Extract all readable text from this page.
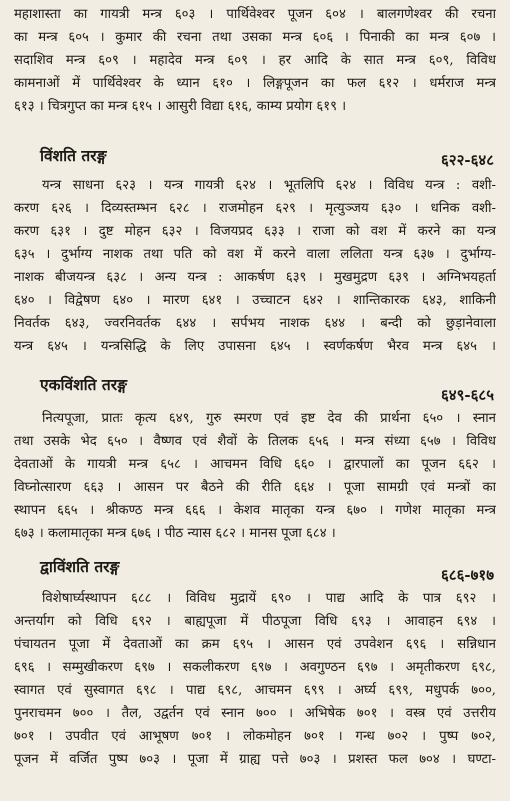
महाशास्ता का गायत्री मन्त्र ६०३ । पार्थिवेश्वर पूजन ६०४ । बालगणेश्वर की रचना
का मन्त्र ६०५ । कुमार की रचना तथा उसका मन्त्र ६०६ । पिनाकी का मन्त्र ६०७ ।
सदाशिव मन्त्र ६०९ । महादेव मन्त्र ६०९ । हर आदि के सात मन्त्र ६०९, विविध
कामनाओं में पार्थिवेश्वर के ध्यान ६१० । लिङ्गपूजन का फल ६१२ । धर्मराज मन्त्र
६१३ । चित्रगुप्त का मन्त्र ६१५ । आसुरी विद्या ६१६, काम्य प्रयोग ६१९ ।
विंशति तरङ्ग	६२२-६४८
यन्त्र साधना ६२३ । यन्त्र गायत्री ६२४ । भूतलिपि ६२४ । विविध यन्त्र : वशी-
करण ६२६ । दिव्यस्तम्भन ६२८ । राजमोहन ६२९ । मृत्युञ्जय ६३० । धनिक वशी-
करण ६३१ । दुष्ट मोहन ६३२ । विजयप्रद ६३३ । राजा को वश में करने का यन्त्र
६३५ । दुर्भाग्य नाशक तथा पति को वश में करने वाला ललिता यन्त्र ६३७ । दुर्भाग्य-
नाशक बीजयन्त्र ६३८ । अन्य यन्त्र : आकर्षण ६३९ । मुखमुद्रण ६३९ । अग्निभयहर्ता
६४० । विद्वेषण ६४० । मारण ६४१ । उच्चाटन ६४२ । शान्तिकारक ६४३, शाकिनी
निवर्तक ६४३, ज्वरनिवर्तक ६४४ । सर्पभय नाशक ६४४ । बन्दी को छुड़ानेवाला
यन्त्र ६४५ । यन्त्रसिद्धि के लिए उपासना ६४५ । स्वर्णकर्षण भैरव मन्त्र ६४५ ।
एकविंशति तरङ्ग
६४९-६८५
नित्यपूजा, प्रातः कृत्य ६४९, गुरु स्मरण एवं इष्ट देव की प्रार्थना ६५० । स्नान
तथा उसके भेद ६५० । वैष्णव एवं शैवों के तिलक ६५६ । मन्त्र संध्या ६५७ । विविध
देवताओं के गायत्री मन्त्र ६५८ । आचमन विधि ६६० । द्वारपालों का पूजन ६६२ ।
विघ्नोत्सारण ६६३ । आसन पर बैठने की रीति ६६४ । पूजा सामग्री एवं मन्त्रों का
स्थापन ६६५ । श्रीकण्ठ मन्त्र ६६६ । केशव मातृका यन्त्र ६७० । गणेश मातृका मन्त्र
६७३ । कलामातृका मन्त्र ६७६ । पीठ न्यास ६८२ । मानस पूजा ६८४ ।
द्वाविंशति तरङ्ग	६८६-७१७
विशेषार्घ्यस्थापन ६८८ । विविध मुद्रायें ६९० । पाद्य आदि के पात्र ६९२ ।
अन्तर्याग को विधि ६९२ । बाह्यपूजा में पीठपूजा विधि ६९३ । आवाहन ६९४ ।
पंचायतन पूजा में देवताओं का क्रम ६९५ । आसन एवं उपवेशन ६९६ । सन्निधान
६९६ । सम्मुखीकरण ६९७ । सकलीकरण ६९७ । अवगुण्ठन ६९७ । अमृतीकरण ६९८,
स्वागत एवं सुस्वागत ६९८ । पाद्य ६९८, आचमन ६९९ । अर्घ्य ६९९, मधुपर्क ७००,
पुनराचमन ७०० । तैल, उद्वर्तन एवं स्नान ७०० । अभिषेक ७०१ । वस्त्र एवं उत्तरीय
७०१ । उपवीत एवं आभूषण ७०१ । लोकमोहन ७०१ । गन्ध ७०२ । पुष्प ७०२,
पूजन में वर्जित पुष्प ७०३ । पूजा में ग्राह्य पत्ते ७०३ । प्रशस्त फल ७०४ । घण्टा-
